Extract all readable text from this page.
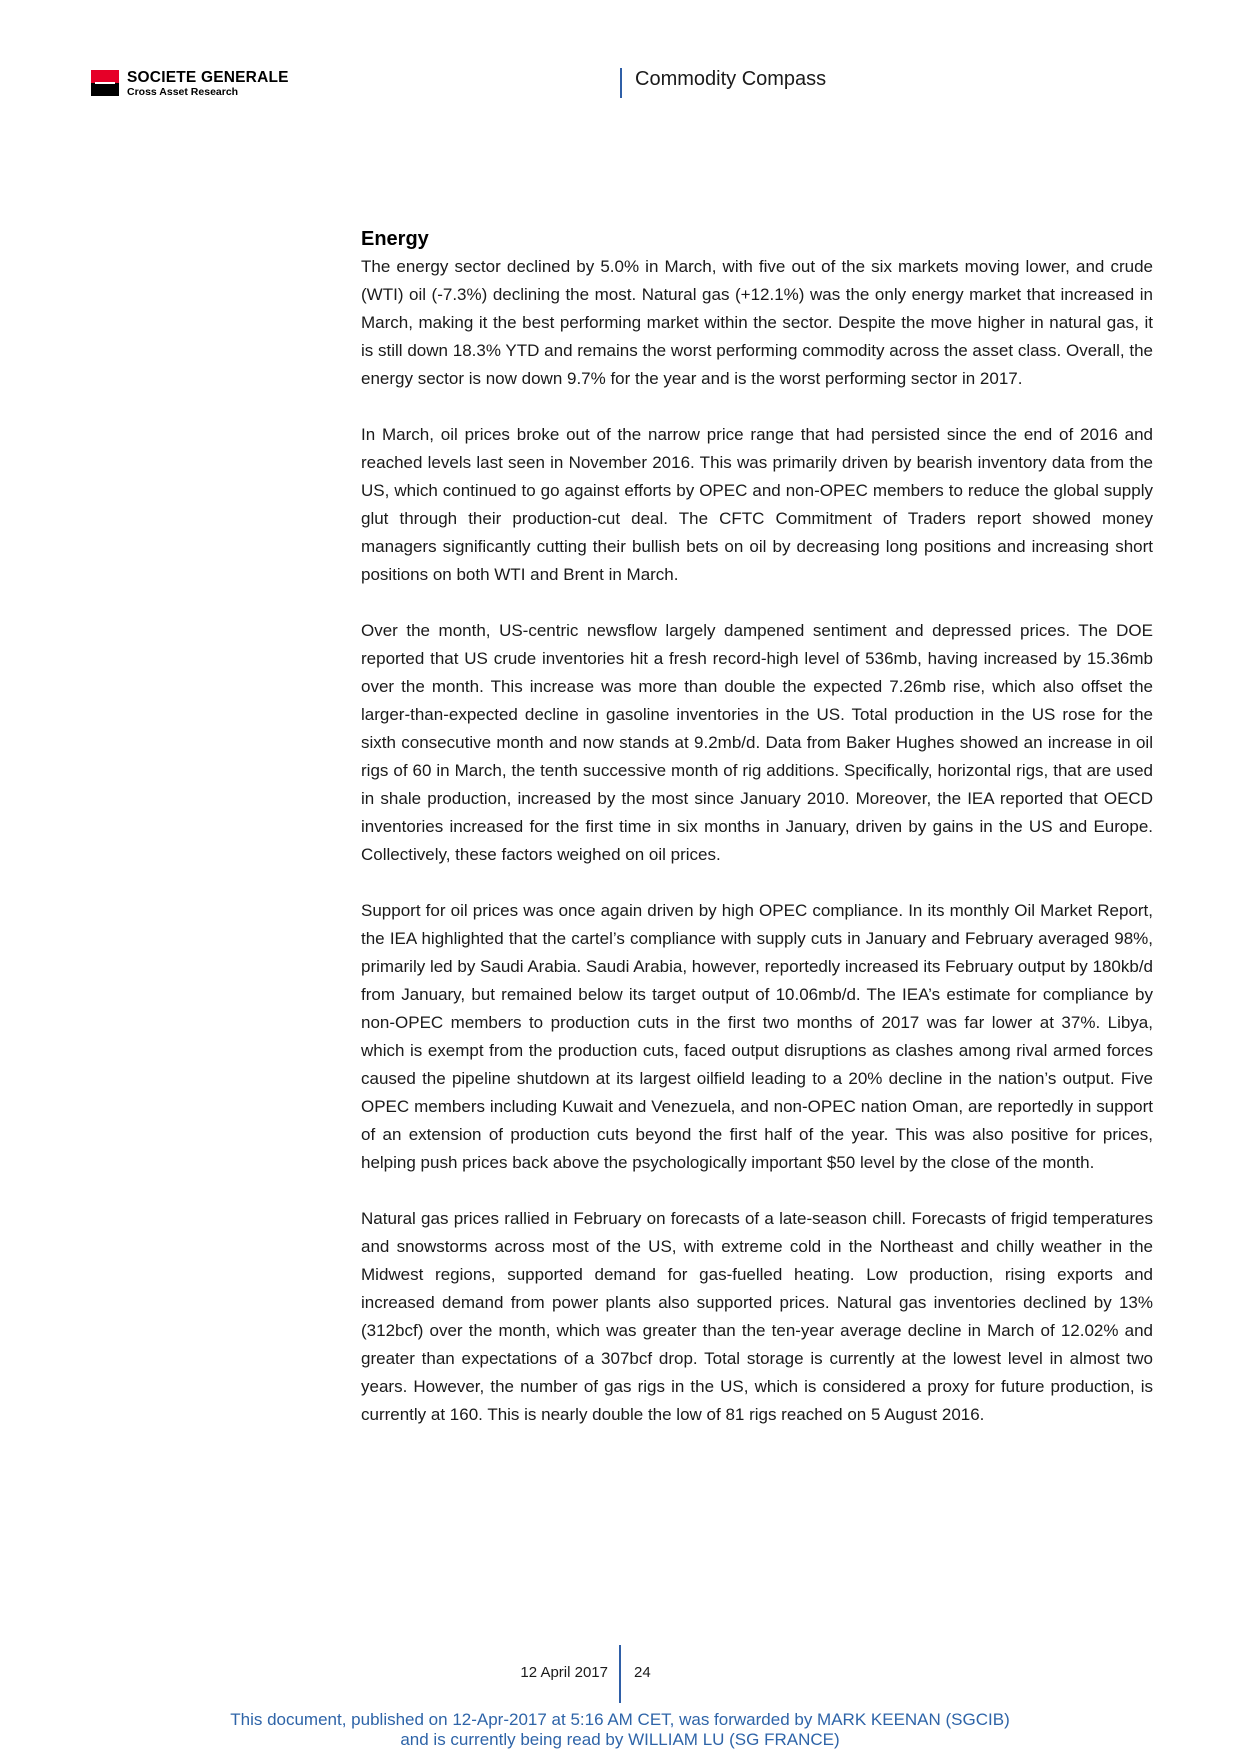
SOCIETE GENERALE
Cross Asset Research
Commodity Compass
Energy

The energy sector declined by 5.0% in March, with five out of the six markets moving lower, and crude (WTI) oil (-7.3%) declining the most. Natural gas (+12.1%) was the only energy market that increased in March, making it the best performing market within the sector. Despite the move higher in natural gas, it is still down 18.3% YTD and remains the worst performing commodity across the asset class. Overall, the energy sector is now down 9.7% for the year and is the worst performing sector in 2017.

In March, oil prices broke out of the narrow price range that had persisted since the end of 2016 and reached levels last seen in November 2016. This was primarily driven by bearish inventory data from the US, which continued to go against efforts by OPEC and non-OPEC members to reduce the global supply glut through their production-cut deal. The CFTC Commitment of Traders report showed money managers significantly cutting their bullish bets on oil by decreasing long positions and increasing short positions on both WTI and Brent in March.

Over the month, US-centric newsflow largely dampened sentiment and depressed prices. The DOE reported that US crude inventories hit a fresh record-high level of 536mb, having increased by 15.36mb over the month. This increase was more than double the expected 7.26mb rise, which also offset the larger-than-expected decline in gasoline inventories in the US. Total production in the US rose for the sixth consecutive month and now stands at 9.2mb/d. Data from Baker Hughes showed an increase in oil rigs of 60 in March, the tenth successive month of rig additions. Specifically, horizontal rigs, that are used in shale production, increased by the most since January 2010. Moreover, the IEA reported that OECD inventories increased for the first time in six months in January, driven by gains in the US and Europe. Collectively, these factors weighed on oil prices.

Support for oil prices was once again driven by high OPEC compliance. In its monthly Oil Market Report, the IEA highlighted that the cartel’s compliance with supply cuts in January and February averaged 98%, primarily led by Saudi Arabia. Saudi Arabia, however, reportedly increased its February output by 180kb/d from January, but remained below its target output of 10.06mb/d. The IEA’s estimate for compliance by non-OPEC members to production cuts in the first two months of 2017 was far lower at 37%. Libya, which is exempt from the production cuts, faced output disruptions as clashes among rival armed forces caused the pipeline shutdown at its largest oilfield leading to a 20% decline in the nation’s output. Five OPEC members including Kuwait and Venezuela, and non-OPEC nation Oman, are reportedly in support of an extension of production cuts beyond the first half of the year. This was also positive for prices, helping push prices back above the psychologically important $50 level by the close of the month.

Natural gas prices rallied in February on forecasts of a late-season chill. Forecasts of frigid temperatures and snowstorms across most of the US, with extreme cold in the Northeast and chilly weather in the Midwest regions, supported demand for gas-fuelled heating. Low production, rising exports and increased demand from power plants also supported prices. Natural gas inventories declined by 13% (312bcf) over the month, which was greater than the ten-year average decline in March of 12.02% and greater than expectations of a 307bcf drop. Total storage is currently at the lowest level in almost two years. However, the number of gas rigs in the US, which is considered a proxy for future production, is currently at 160. This is nearly double the low of 81 rigs reached on 5 August 2016.

12 April 2017 24
This document, published on 12-Apr-2017 at 5:16 AM CET, was forwarded by MARK KEENAN (SGCIB)
and is currently being read by WILLIAM LU (SG FRANCE)
